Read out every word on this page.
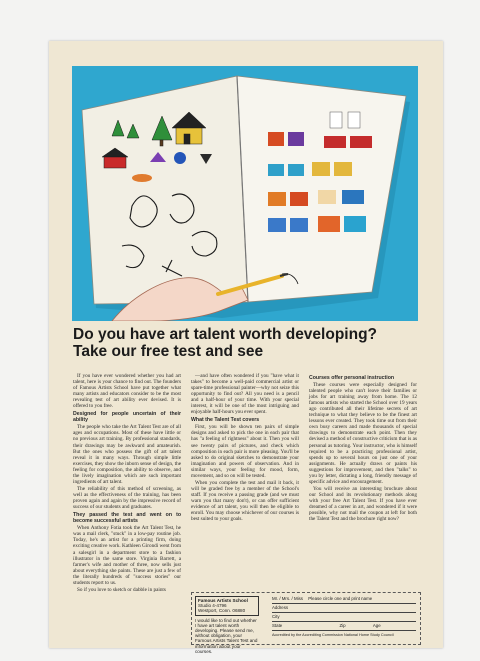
Do you have art talent worth developing?
Take our free test and see

If you have ever wondered whether you had art talent, here is your chance to find out. The founders of Famous Artists School have put together what many artists and educators consider to be the most revealing test of art ability ever devised. It is offered to you free.

Designed for people uncertain of their ability

The people who take the Art Talent Test are of all ages and occupations. Most of these have little or no previous art training. By professional standards, their drawings may be awkward and amateurish. But the ones who possess the gift of art talent reveal it in many ways. Through simple little exercises, they show the inborn sense of design, the feeling for composition, the ability to observe, and the lively imagination which are such important ingredients of art talent.

The reliability of this method of screening, as well as the effectiveness of the training, has been proven again and again by the impressive record of success of our students and graduates.

They passed the test and went on to become successful artists

When Anthony Fotia took the Art Talent Test, he was a mail clerk, "stuck" in a low-pay routine job. Today, he's an artist for a printing firm, doing exciting creative work. Kathleen Girondi went from a salesgirl in a department store to a fashion illustrator in the same store. Virginia Barrett, a farmer's wife and mother of three, now sells just about everything she paints. These are just a few of the literally hundreds of "success stories" our students report to us.

So if you love to sketch or dabble in paints

—and have often wondered if you "have what it takes" to become a well-paid commercial artist or spare-time professional painter—why not seize this opportunity to find out? All you need is a pencil and a half-hour of your time. With your special interest, it will be one of the most intriguing and enjoyable half-hours you ever spent.

What the Talent Test covers

First, you will be shown ten pairs of simple designs and asked to pick the one in each pair that has "a feeling of rightness" about it. Then you will see twenty pairs of pictures, and check which composition in each pair is more pleasing. You'll be asked to do original sketches to demonstrate your imagination and powers of observation. And in similar ways, your feeling for mood, form, movement, and so on will be tested.

When you complete the test and mail it back, it will be graded free by a member of the School's staff. If you receive a passing grade (and we must warn you that many don't), or can offer sufficient evidence of art talent, you will then be eligible to enroll. You may choose whichever of our courses is best suited to your goals.

Courses offer personal instruction

These courses were especially designed for talented people who can't leave their families or jobs for art training away from home. The 12 famous artists who started the School over 19 years ago contributed all their lifetime secrets of art technique to what they believe to be the finest art lessons ever created. They took time out from their own busy careers and made thousands of special drawings to demonstrate each point. Then they devised a method of constructive criticism that is as personal as tutoring. Your instructor, who is himself required to be a practicing professional artist, spends up to several hours on just one of your assignments. He actually draws or paints his suggestions for improvement, and then "talks" to you by letter, dictating a long, friendly message of specific advice and encouragement.

You will receive an interesting brochure about our School and its revolutionary methods along with your free Art Talent Test. If you have ever dreamed of a career in art, and wondered if it were possible, why not mail the coupon at left for both the Talent Test and the brochure right now?

Famous Artists School
Studio 4-4796
Westport, Conn. 06880
I would like to find out whether I have art talent worth developing. Please send me, without obligation, your Famous Artists Talent Test and information about your courses.
Mr. / Mrs. / Miss Please circle one and print name
Address
City
State	Zip	Age
Accredited by the Accrediting Commission National Home Study Council
